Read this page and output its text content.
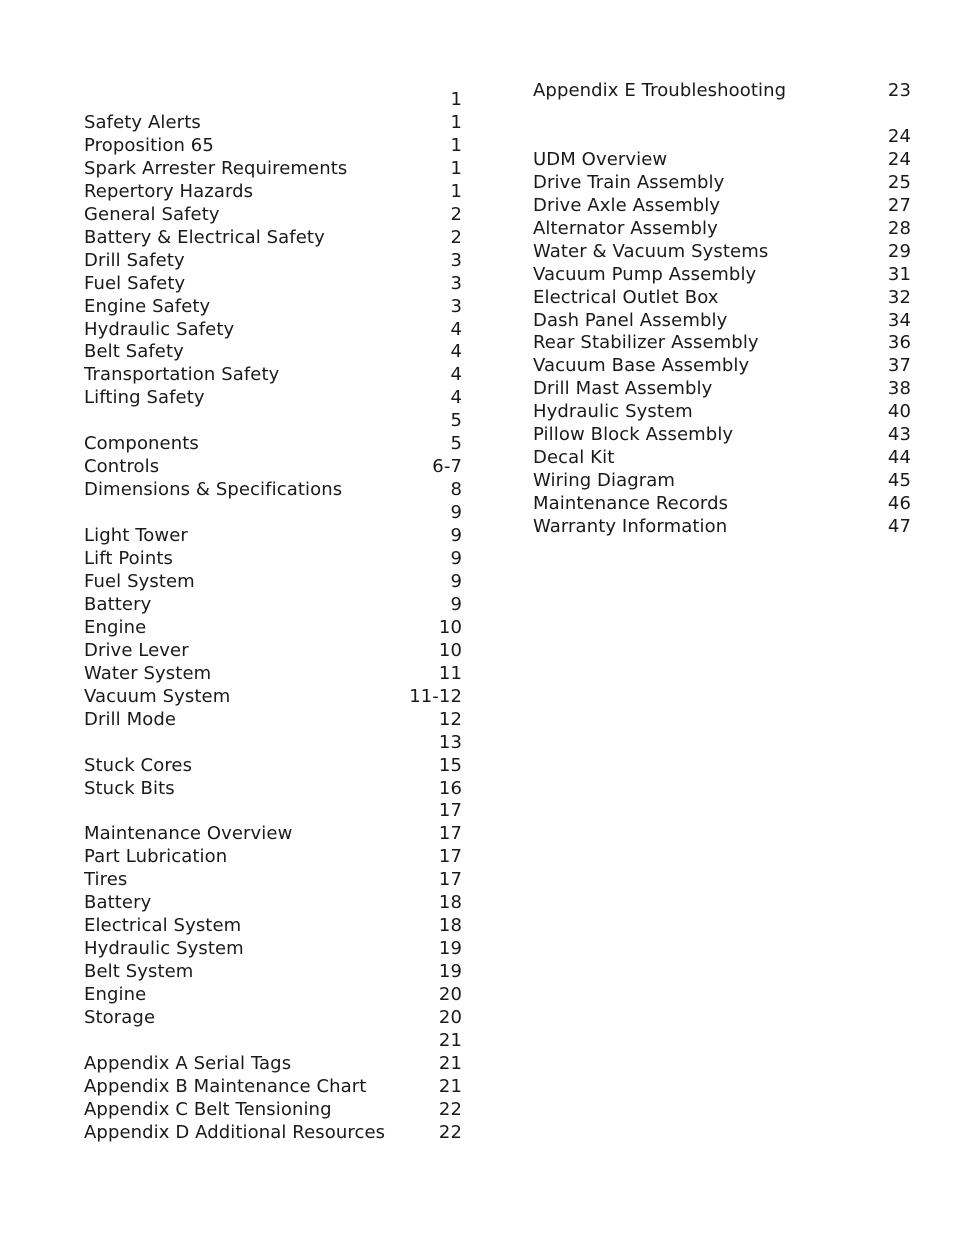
1
Safety Alerts	1
Proposition 65	1
Spark Arrester Requirements	1
Repertory Hazards	1
General Safety	2
Battery & Electrical Safety	2
Drill Safety	3
Fuel Safety	3
Engine Safety	3
Hydraulic Safety	4
Belt Safety	4
Transportation Safety	4
Lifting Safety	4
5
Components	5
Controls	6-7
Dimensions & Specifications	8
9
Light Tower	9
Lift Points	9
Fuel System	9
Battery	9
Engine	10
Drive Lever	10
Water System	11
Vacuum System	11-12
Drill Mode	12
13
Stuck Cores	15
Stuck Bits	16
17
Maintenance Overview	17
Part Lubrication	17
Tires	17
Battery	18
Electrical System	18
Hydraulic System	19
Belt System	19
Engine	20
Storage	20
21
Appendix A Serial Tags	21
Appendix B Maintenance Chart	21
Appendix C Belt Tensioning	22
Appendix D Additional Resources	22
Appendix E Troubleshooting	23
24
UDM Overview	24
Drive Train Assembly	25
Drive Axle Assembly	27
Alternator Assembly	28
Water & Vacuum Systems	29
Vacuum Pump Assembly	31
Electrical Outlet Box	32
Dash Panel Assembly	34
Rear Stabilizer Assembly	36
Vacuum Base Assembly	37
Drill Mast Assembly	38
Hydraulic System	40
Pillow Block Assembly	43
Decal Kit	44
Wiring Diagram	45
Maintenance Records	46
Warranty Information	47
